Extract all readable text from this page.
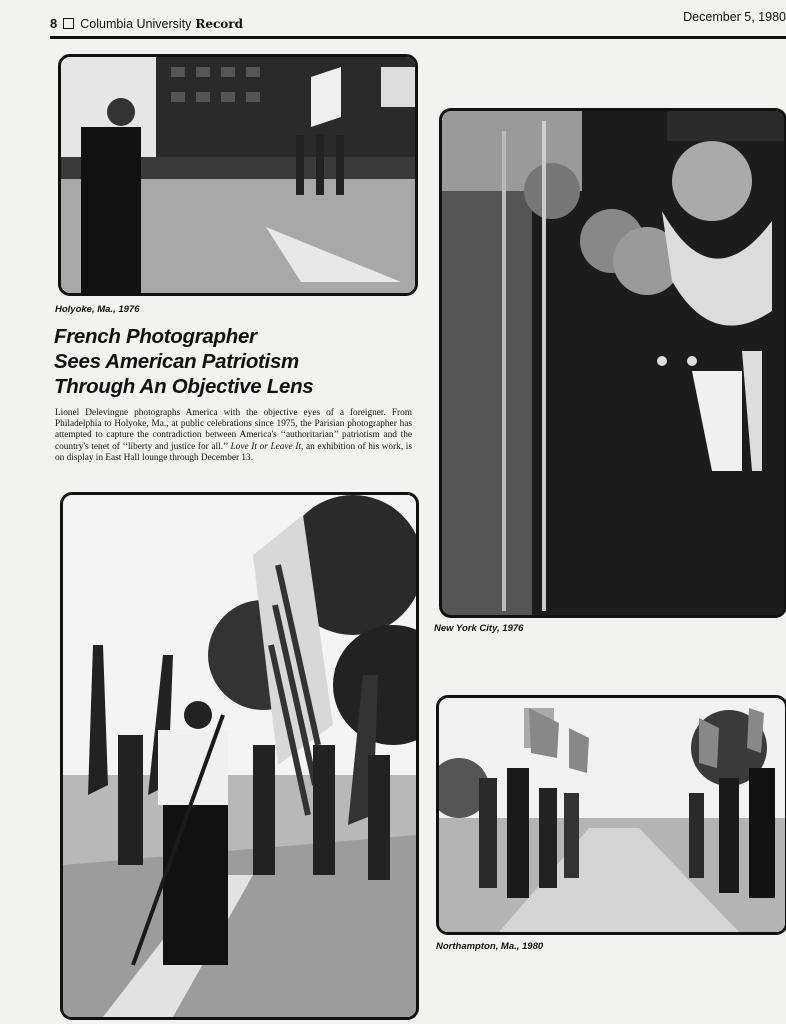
8 Columbia University Record	December 5, 1980
Holyoke, Ma., 1976
New York City, 1976
French Photographer
Sees American Patriotism
Through An Objective Lens
Lionel Delevingne photographs America with the objective eyes of a foreigner. From Philadelphia to Holyoke, Ma., at public celebrations since 1975, the Parisian photographer has attempted to capture the contradiction between America's ‘‘authoritarian’’ patriotism and the country's tenet of ‘‘liberty and justice for all.’’ Love It or Leave It, an exhibition of his work, is on display in East Hall lounge through December 13.
Northampton, Ma., 1980
